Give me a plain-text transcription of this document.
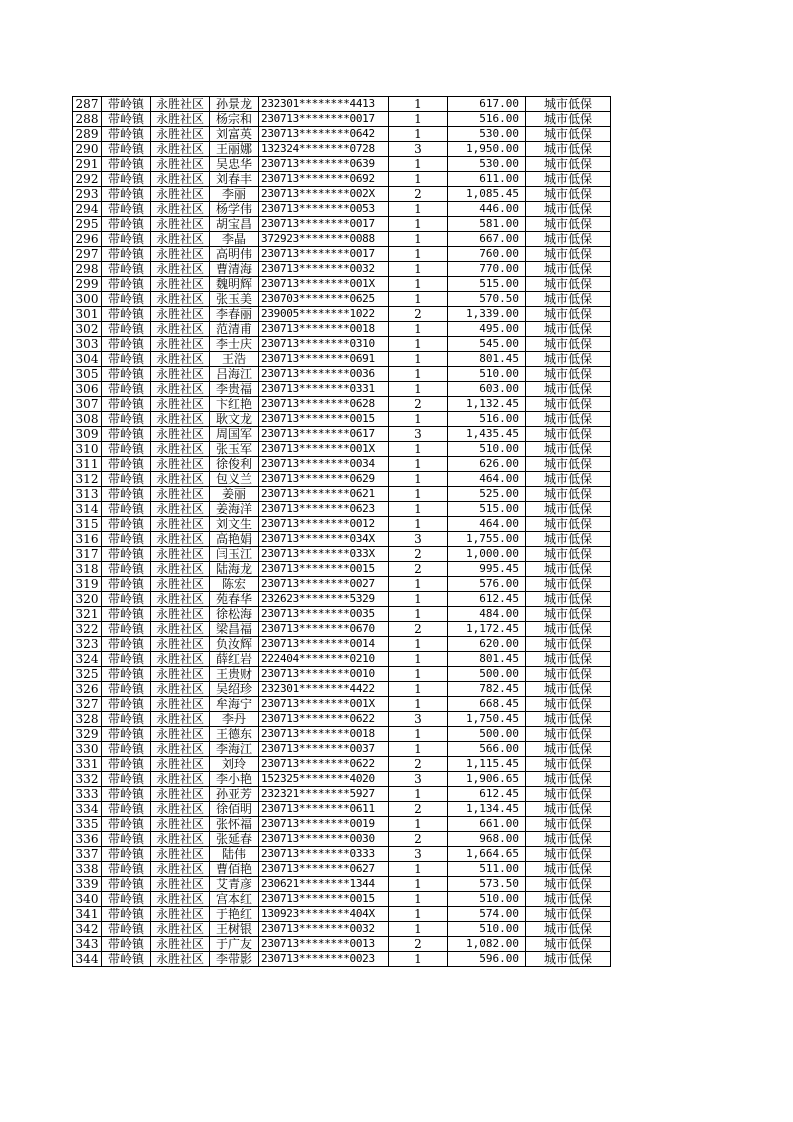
287	带岭镇	永胜社区	孙景龙	232301********4413	1	617.00	城市低保
288	带岭镇	永胜社区	杨宗和	230713********0017	1	516.00	城市低保
289	带岭镇	永胜社区	刘富英	230713********0642	1	530.00	城市低保
290	带岭镇	永胜社区	王丽娜	132324********0728	3	1,950.00	城市低保
291	带岭镇	永胜社区	吴忠华	230713********0639	1	530.00	城市低保
292	带岭镇	永胜社区	刘春丰	230713********0692	1	611.00	城市低保
293	带岭镇	永胜社区	李丽	230713********002X	2	1,085.45	城市低保
294	带岭镇	永胜社区	杨学伟	230713********0053	1	446.00	城市低保
295	带岭镇	永胜社区	胡宝昌	230713********0017	1	581.00	城市低保
296	带岭镇	永胜社区	李晶	372923********0088	1	667.00	城市低保
297	带岭镇	永胜社区	高明伟	230713********0017	1	760.00	城市低保
298	带岭镇	永胜社区	曹清海	230713********0032	1	770.00	城市低保
299	带岭镇	永胜社区	魏明辉	230713********001X	1	515.00	城市低保
300	带岭镇	永胜社区	张玉美	230703********0625	1	570.50	城市低保
301	带岭镇	永胜社区	李春丽	239005********1022	2	1,339.00	城市低保
302	带岭镇	永胜社区	范清甫	230713********0018	1	495.00	城市低保
303	带岭镇	永胜社区	李士庆	230713********0310	1	545.00	城市低保
304	带岭镇	永胜社区	王浩	230713********0691	1	801.45	城市低保
305	带岭镇	永胜社区	吕海江	230713********0036	1	510.00	城市低保
306	带岭镇	永胜社区	李贵福	230713********0331	1	603.00	城市低保
307	带岭镇	永胜社区	卞红艳	230713********0628	2	1,132.45	城市低保
308	带岭镇	永胜社区	耿文龙	230713********0015	1	516.00	城市低保
309	带岭镇	永胜社区	周国军	230713********0617	3	1,435.45	城市低保
310	带岭镇	永胜社区	张玉军	230713********001X	1	510.00	城市低保
311	带岭镇	永胜社区	徐俊利	230713********0034	1	626.00	城市低保
312	带岭镇	永胜社区	包义兰	230713********0629	1	464.00	城市低保
313	带岭镇	永胜社区	姜丽	230713********0621	1	525.00	城市低保
314	带岭镇	永胜社区	姜海洋	230713********0623	1	515.00	城市低保
315	带岭镇	永胜社区	刘文生	230713********0012	1	464.00	城市低保
316	带岭镇	永胜社区	高艳娟	230713********034X	3	1,755.00	城市低保
317	带岭镇	永胜社区	闫玉江	230713********033X	2	1,000.00	城市低保
318	带岭镇	永胜社区	陆海龙	230713********0015	2	995.45	城市低保
319	带岭镇	永胜社区	陈宏	230713********0027	1	576.00	城市低保
320	带岭镇	永胜社区	苑春华	232623********5329	1	612.45	城市低保
321	带岭镇	永胜社区	徐松海	230713********0035	1	484.00	城市低保
322	带岭镇	永胜社区	梁昌福	230713********0670	2	1,172.45	城市低保
323	带岭镇	永胜社区	负汝辉	230713********0014	1	620.00	城市低保
324	带岭镇	永胜社区	薛红岩	222404********0210	1	801.45	城市低保
325	带岭镇	永胜社区	王贵财	230713********0010	1	500.00	城市低保
326	带岭镇	永胜社区	吴绍珍	232301********4422	1	782.45	城市低保
327	带岭镇	永胜社区	牟海宁	230713********001X	1	668.45	城市低保
328	带岭镇	永胜社区	李丹	230713********0622	3	1,750.45	城市低保
329	带岭镇	永胜社区	王德东	230713********0018	1	500.00	城市低保
330	带岭镇	永胜社区	李海江	230713********0037	1	566.00	城市低保
331	带岭镇	永胜社区	刘玲	230713********0622	2	1,115.45	城市低保
332	带岭镇	永胜社区	李小艳	152325********4020	3	1,906.65	城市低保
333	带岭镇	永胜社区	孙亚芳	232321********5927	1	612.45	城市低保
334	带岭镇	永胜社区	徐佰明	230713********0611	2	1,134.45	城市低保
335	带岭镇	永胜社区	张怀福	230713********0019	1	661.00	城市低保
336	带岭镇	永胜社区	张延春	230713********0030	2	968.00	城市低保
337	带岭镇	永胜社区	陆伟	230713********0333	3	1,664.65	城市低保
338	带岭镇	永胜社区	曹佰艳	230713********0627	1	511.00	城市低保
339	带岭镇	永胜社区	艾青彦	230621********1344	1	573.50	城市低保
340	带岭镇	永胜社区	宫本红	230713********0015	1	510.00	城市低保
341	带岭镇	永胜社区	于艳红	130923********404X	1	574.00	城市低保
342	带岭镇	永胜社区	王树银	230713********0032	1	510.00	城市低保
343	带岭镇	永胜社区	于广友	230713********0013	2	1,082.00	城市低保
344	带岭镇	永胜社区	李带影	230713********0023	1	596.00	城市低保
